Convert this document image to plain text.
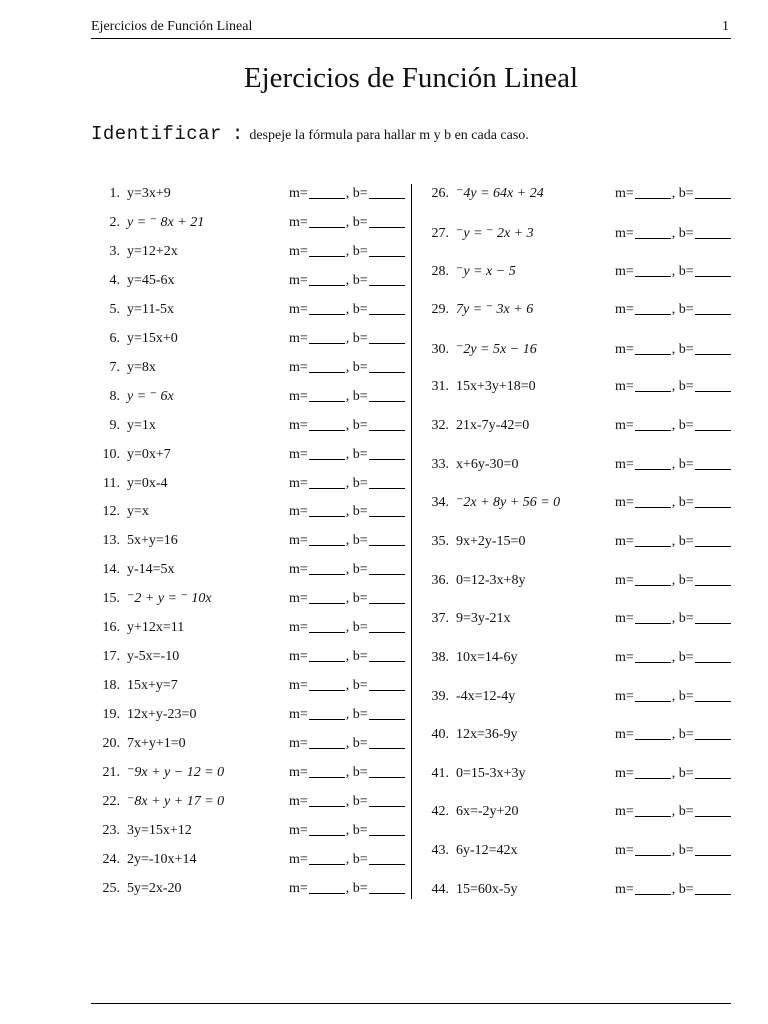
Ejercicios de Función Lineal	1
Ejercicios de Función Lineal
Identificar : despeje la fórmula para hallar m y b en cada caso.
1 . y=3x+9	m=	, b=
2 . y = ⁻ 8x + 21	m=	, b=
3 . y=12+2x	m=	, b=
4 . y=45-6x	m=	, b=
5 . y=11-5x	m=	, b=
6 . y=15x+0	m=	, b=
7 . y=8x	m=	, b=
8 . y = ⁻ 6x	m=	, b=
9 . y=1x	m=	, b=
10 . y=0x+7	m=	, b=
11 . y=0x-4	m=	, b=
12 . y=x	m=	, b=
13 . 5x+y=16	m=	, b=
14 . y-14=5x	m=	, b=
15 . ⁻2 + y = ⁻ 10x	m=	, b=
16 . y+12x=11	m=	, b=
17 . y-5x=-10	m=	, b=
18 . 15x+y=7	m=	, b=
19 . 12x+y-23=0	m=	, b=
20 . 7x+y+1=0	m=	, b=
21 . ⁻9x + y − 12 = 0	m=	, b=
22 . ⁻8x + y + 17 = 0	m=	, b=
23 . 3y=15x+12	m=	, b=
24 . 2y=-10x+14	m=	, b=
25 . 5y=2x-20	m=	, b=
26 . ⁻4y = 64x + 24	m=	, b=
27 . ⁻y = ⁻ 2x + 3	m=	, b=
28 . ⁻y = x − 5	m=	, b=
29 . 7y = ⁻ 3x + 6	m=	, b=
30 . ⁻2y = 5x − 16	m=	, b=
31 . 15x+3y+18=0	m=	, b=
32 . 21x-7y-42=0	m=	, b=
33 . x+6y-30=0	m=	, b=
34 . ⁻2x + 8y + 56 = 0	m=	, b=
35 . 9x+2y-15=0	m=	, b=
36 . 0=12-3x+8y	m=	, b=
37 . 9=3y-21x	m=	, b=
38 . 10x=14-6y	m=	, b=
39 . -4x=12-4y	m=	, b=
40 . 12x=36-9y	m=	, b=
41 . 0=15-3x+3y	m=	, b=
42 . 6x=-2y+20	m=	, b=
43 . 6y-12=42x	m=	, b=
44 . 15=60x-5y	m=	, b=
